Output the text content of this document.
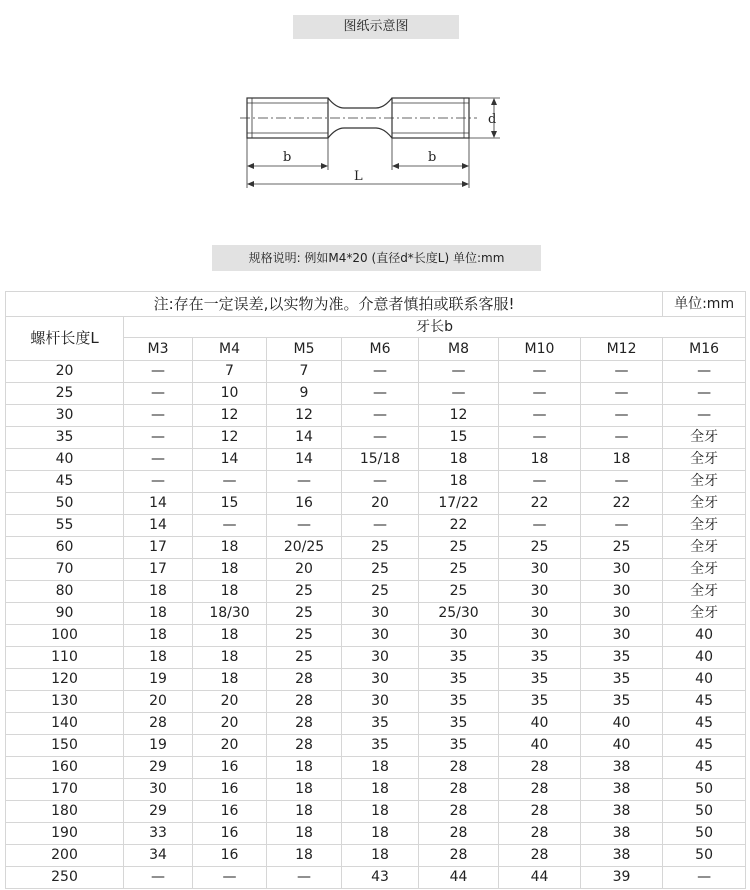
图纸示意图
d
b	b
L
规格说明: 例如M4*20 (直径d*长度L) 单位:mm
注:存在一定误差,以实物为准。介意者慎拍或联系客服!								单位:mm
螺杆长度L	牙长b							
	M3	M4	M5	M6	M8	M10	M12	M16
20	—	7	7	—	—	—	—	—
25	—	10	9	—	—	—	—	—
30	—	12	12	—	12	—	—	—
35	—	12	14	—	15	—	—	全牙
40	—	14	14	15/18	18	18	18	全牙
45	—	—	—	—	18	—	—	全牙
50	14	15	16	20	17/22	22	22	全牙
55	14	—	—	—	22	—	—	全牙
60	17	18	20/25	25	25	25	25	全牙
70	17	18	20	25	25	30	30	全牙
80	18	18	25	25	25	30	30	全牙
90	18	18/30	25	30	25/30	30	30	全牙
100	18	18	25	30	30	30	30	40
110	18	18	25	30	35	35	35	40
120	19	18	28	30	35	35	35	40
130	20	20	28	30	35	35	35	45
140	28	20	28	35	35	40	40	45
150	19	20	28	35	35	40	40	45
160	29	16	18	18	28	28	38	45
170	30	16	18	18	28	28	38	50
180	29	16	18	18	28	28	38	50
190	33	16	18	18	28	28	38	50
200	34	16	18	18	28	28	38	50
250	—	—	—	43	44	44	39	—
